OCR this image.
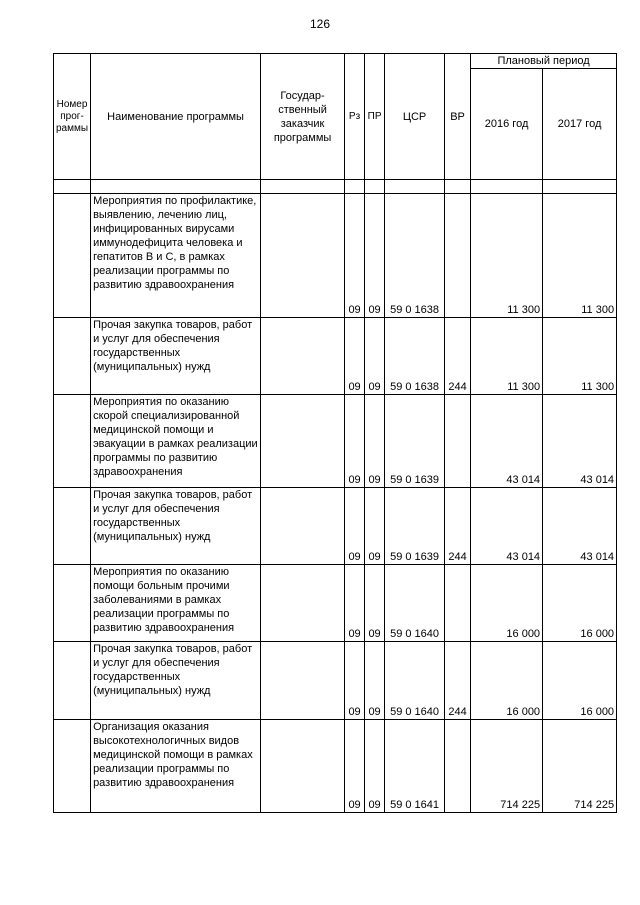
126
Номер прог-раммы	Наименование программы	Государ-ственный заказчик программы	Рз	ПР	ЦСР	ВР	Плановый период	
							2016 год	2017 год

	Мероприятия по профилактике, выявлению, лечению лиц, инфицированных вирусами иммунодефицита человека и гепатитов В и С, в рамках реализации программы по развитию здравоохранения		09	09	59 0 1638		11 300	11 300
	Прочая закупка товаров, работ и услуг для обеспечения государственных (муниципальных) нужд		09	09	59 0 1638	244	11 300	11 300
	Мероприятия по оказанию скорой специализированной медицинской помощи и эвакуации в рамках реализации программы по развитию здравоохранения		09	09	59 0 1639		43 014	43 014
	Прочая закупка товаров, работ и услуг для обеспечения государственных (муниципальных) нужд		09	09	59 0 1639	244	43 014	43 014
	Мероприятия по оказанию помощи больным прочими заболеваниями в рамках реализации программы по развитию здравоохранения		09	09	59 0 1640		16 000	16 000
	Прочая закупка товаров, работ и услуг для обеспечения государственных (муниципальных) нужд		09	09	59 0 1640	244	16 000	16 000
	Организация оказания высокотехнологичных видов медицинской помощи в рамках реализации программы по развитию здравоохранения		09	09	59 0 1641		714 225	714 225
